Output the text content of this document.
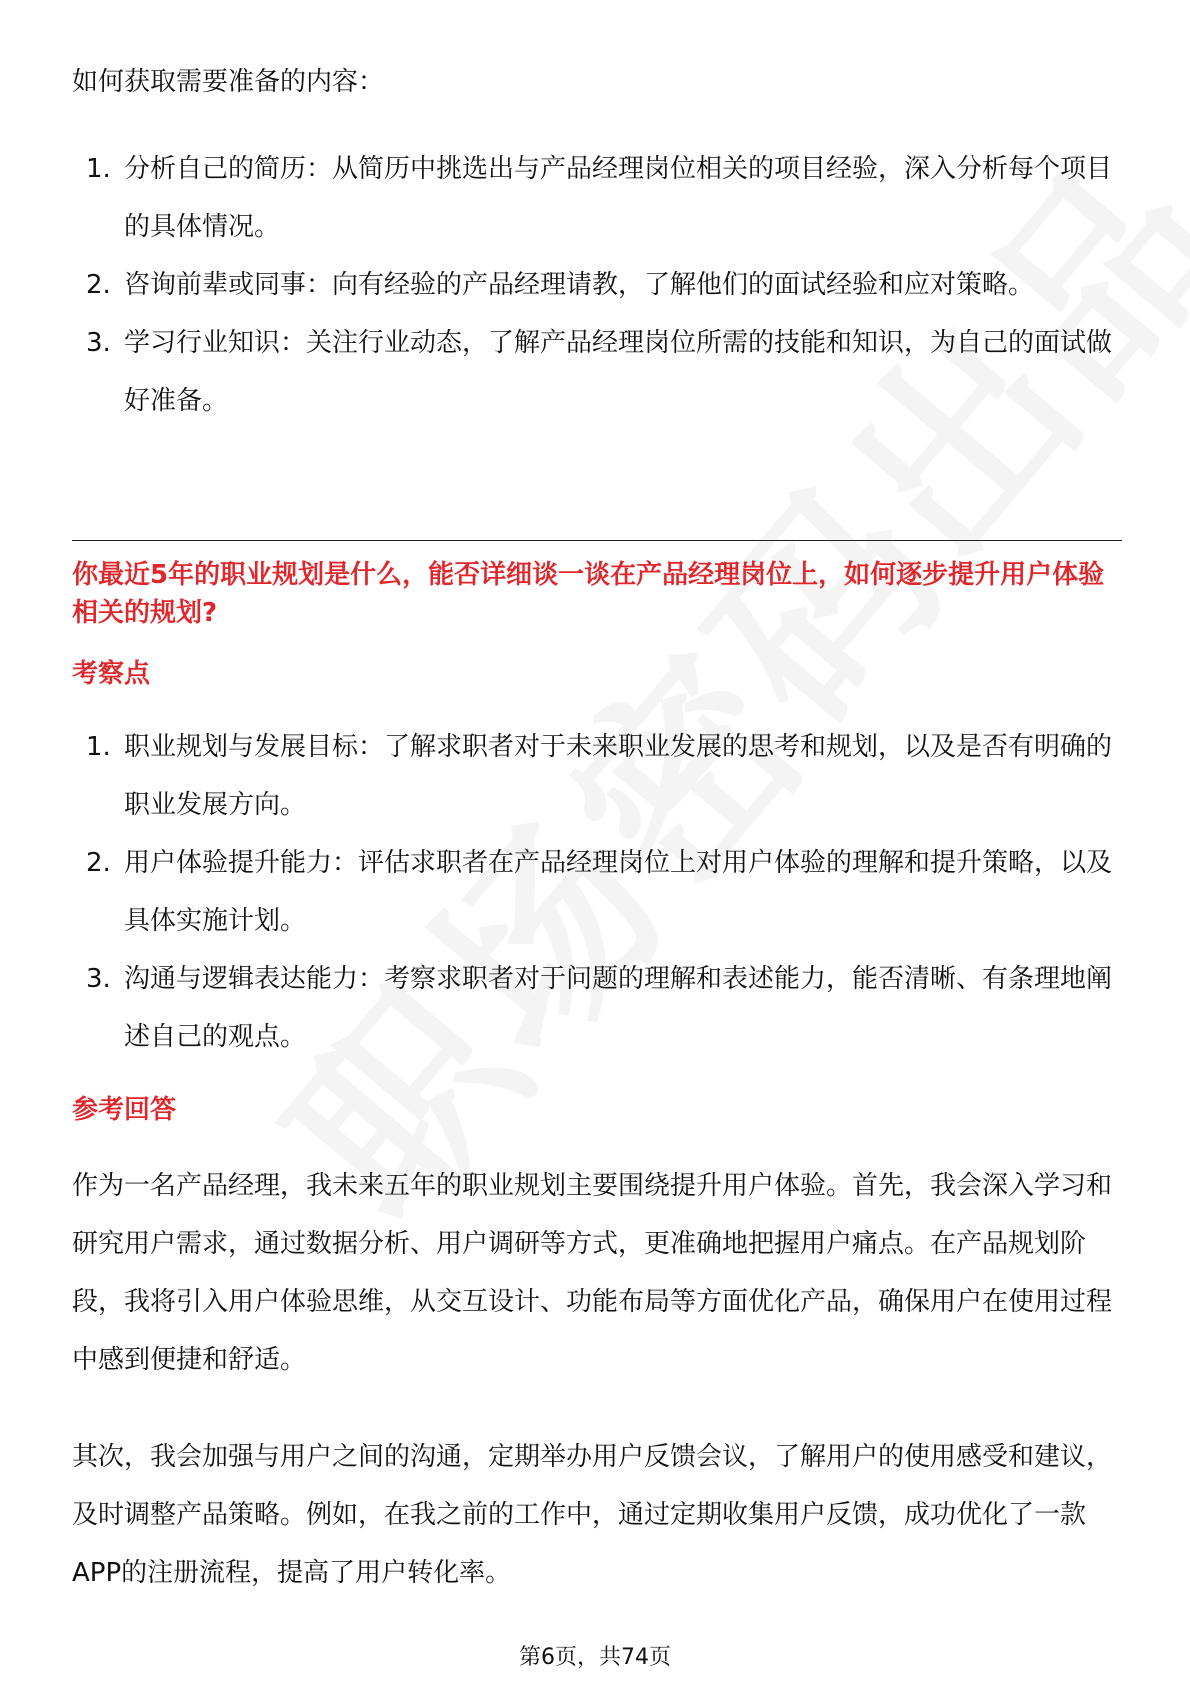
如何获取需要准备的内容：
1. 分析自己的简历：从简历中挑选出与产品经理岗位相关的项目经验，深入分析每个项目的具体情况。
2. 咨询前辈或同事：向有经验的产品经理请教，了解他们的面试经验和应对策略。
3. 学习行业知识：关注行业动态，了解产品经理岗位所需的技能和知识，为自己的面试做好准备。
你最近5年的职业规划是什么，能否详细谈一谈在产品经理岗位上，如何逐步提升用户体验相关的规划?
考察点
1. 职业规划与发展目标：了解求职者对于未来职业发展的思考和规划，以及是否有明确的职业发展方向。
2. 用户体验提升能力：评估求职者在产品经理岗位上对用户体验的理解和提升策略，以及具体实施计划。
3. 沟通与逻辑表达能力：考察求职者对于问题的理解和表述能力，能否清晰、有条理地阐述自己的观点。
参考回答

作为一名产品经理，我未来五年的职业规划主要围绕提升用户体验。首先，我会深入学习和研究用户需求，通过数据分析、用户调研等方式，更准确地把握用户痛点。在产品规划阶段，我将引入用户体验思维，从交互设计、功能布局等方面优化产品，确保用户在使用过程中感到便捷和舒适。

其次，我会加强与用户之间的沟通，定期举办用户反馈会议，了解用户的使用感受和建议，及时调整产品策略。例如，在我之前的工作中，通过定期收集用户反馈，成功优化了一款APP的注册流程，提高了用户转化率。

第6页，共74页
